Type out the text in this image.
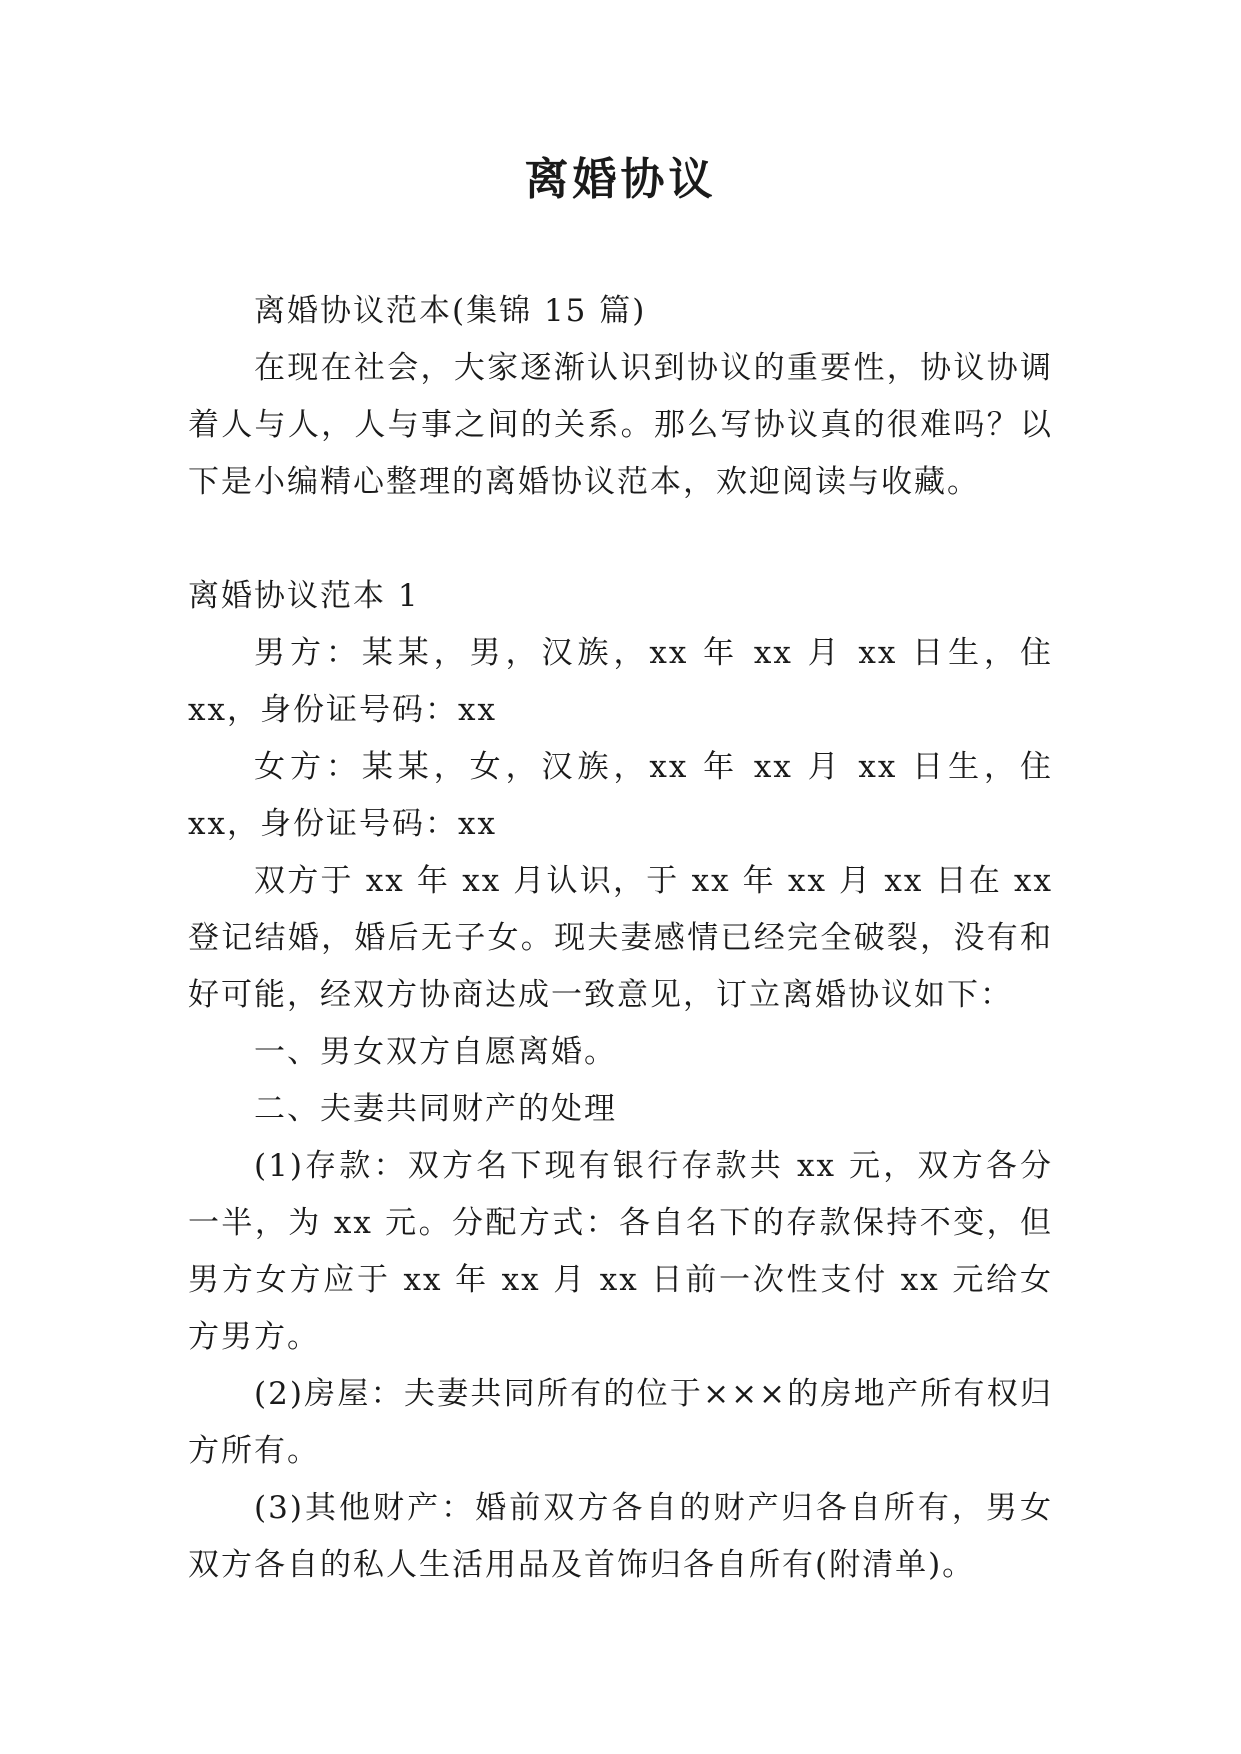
离婚协议

离婚协议范本(集锦 15 篇)

在现在社会，大家逐渐认识到协议的重要性，协议协调着人与人，人与事之间的关系。那么写协议真的很难吗？以下是小编精心整理的离婚协议范本，欢迎阅读与收藏。

离婚协议范本 1

男方：某某，男，汉族，xx 年 xx 月 xx 日生，住 xx，身份证号码：xx

女方：某某，女，汉族，xx 年 xx 月 xx 日生，住 xx，身份证号码：xx

双方于 xx 年 xx 月认识，于 xx 年 xx 月 xx 日在 xx 登记结婚，婚后无子女。现夫妻感情已经完全破裂，没有和好可能，经双方协商达成一致意见，订立离婚协议如下：

一、男女双方自愿离婚。

二、夫妻共同财产的处理

(1)存款：双方名下现有银行存款共 xx 元，双方各分一半，为 xx 元。分配方式：各自名下的存款保持不变，但男方女方应于 xx 年 xx 月 xx 日前一次性支付 xx 元给女方男方。

(2)房屋：夫妻共同所有的位于×××的房地产所有权归方所有。

(3)其他财产：婚前双方各自的财产归各自所有，男女双方各自的私人生活用品及首饰归各自所有(附清单)。
